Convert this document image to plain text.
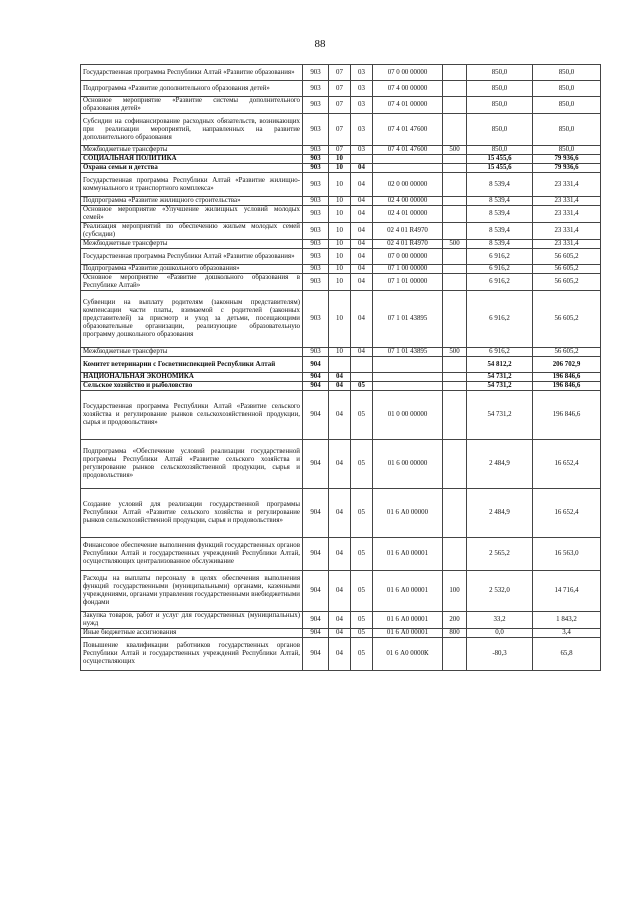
88
Государственная программа Республики Алтай «Развитие образования»	903	07	03	07 0 00 00000		850,0	850,0
Подпрограмма «Развитие дополнительного образования детей»	903	07	03	07 4 00 00000		850,0	850,0
Основное мероприятие «Развитие системы дополнительного образования детей»	903	07	03	07 4 01 00000		850,0	850,0
Субсидии на софинансирование расходных обязательств, возникающих при реализации мероприятий, направленных на развитие дополнительного образования	903	07	03	07 4 01 47600		850,0	850,0
Межбюджетные трансферты	903	07	03	07 4 01 47600	500	850,0	850,0
СОЦИАЛЬНАЯ ПОЛИТИКА	903	10				15 455,6	79 936,6
Охрана семьи и детства	903	10	04			15 455,6	79 936,6
Государственная программа Республики Алтай «Развитие жилищно-коммунального и транспортного комплекса»	903	10	04	02 0 00 00000		8 539,4	23 331,4
Подпрограмма «Развитие жилищного строительства»	903	10	04	02 4 00 00000		8 539,4	23 331,4
Основное мероприятие «Улучшение жилищных условий молодых семей»	903	10	04	02 4 01 00000		8 539,4	23 331,4
Реализация мероприятий по обеспечению жильем молодых семей (субсидии)	903	10	04	02 4 01 R4970		8 539,4	23 331,4
Межбюджетные трансферты	903	10	04	02 4 01 R4970	500	8 539,4	23 331,4
Государственная программа Республики Алтай «Развитие образования»	903	10	04	07 0 00 00000		6 916,2	56 605,2
Подпрограмма «Развитие дошкольного образования»	903	10	04	07 1 00 00000		6 916,2	56 605,2
Основное мероприятие «Развитие дошкольного образования в Республике Алтай»	903	10	04	07 1 01 00000		6 916,2	56 605,2
Субвенции на выплату родителям (законным представителям) компенсации части платы, взимаемой с родителей (законных представителей) за присмотр и уход за детьми, посещающими образовательные организации, реализующие образовательную программу дошкольного образования	903	10	04	07 1 01 43895		6 916,2	56 605,2
Межбюджетные трансферты	903	10	04	07 1 01 43895	500	6 916,2	56 605,2
Комитет ветеринарии с Госветинспекцией Республики Алтай	904					54 812,2	206 702,9
НАЦИОНАЛЬНАЯ ЭКОНОМИКА	904	04				54 731,2	196 846,6
Сельское хозяйство и рыболовство	904	04	05			54 731,2	196 846,6
Государственная программа Республики Алтай «Развитие сельского хозяйства и регулирование рынков сельскохозяйственной продукции, сырья и продовольствия»	904	04	05	01 0 00 00000		54 731,2	196 846,6
Подпрограмма «Обеспечение условий реализации государственной программы Республики Алтай «Развитие сельского хозяйства и регулирование рынков сельскохозяйственной продукции, сырья и продовольствия»	904	04	05	01 6 00 00000		2 484,9	16 652,4
Создание условий для реализации государственной программы Республики Алтай «Развитие сельского хозяйства и регулирование рынков сельскохозяйственной продукции, сырья и продовольствия»	904	04	05	01 6 А0 00000		2 484,9	16 652,4
Финансовое обеспечение выполнения функций государственных органов Республики Алтай и государственных учреждений Республики Алтай, осуществляющих централизованное обслуживание	904	04	05	01 6 А0 00001		2 565,2	16 563,0
Расходы на выплаты персоналу в целях обеспечения выполнения функций государственными (муниципальными) органами, казенными учреждениями, органами управления государственными внебюджетными фондами	904	04	05	01 6 А0 00001	100	2 532,0	14 716,4
Закупка товаров, работ и услуг для государственных (муниципальных) нужд	904	04	05	01 6 А0 00001	200	33,2	1 843,2
Иные бюджетные ассигнования	904	04	05	01 6 А0 00001	800	0,0	3,4
Повышение квалификации работников государственных органов Республики Алтай и государственных учреждений Республики Алтай, осуществляющих	904	04	05	01 6 А0 0000К		-80,3	65,8
